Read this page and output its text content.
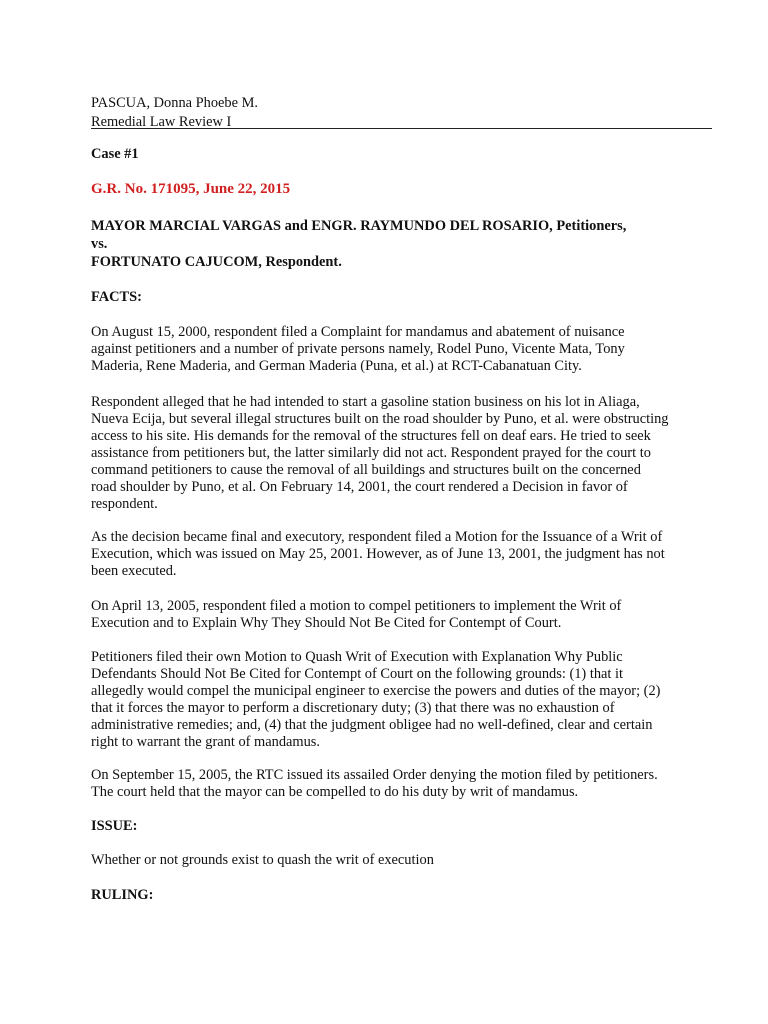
PASCUA, Donna Phoebe M.
Remedial Law Review I
Case #1
G.R. No. 171095, June 22, 2015
MAYOR MARCIAL VARGAS and ENGR. RAYMUNDO DEL ROSARIO, Petitioners,
vs.
FORTUNATO CAJUCOM, Respondent.
FACTS:
On August 15, 2000, respondent filed a Complaint for mandamus and abatement of nuisance
against petitioners and a number of private persons namely, Rodel Puno, Vicente Mata, Tony
Maderia, Rene Maderia, and German Maderia (Puna, et al.) at RCT-Cabanatuan City.
Respondent alleged that he had intended to start a gasoline station business on his lot in Aliaga,
Nueva Ecija, but several illegal structures built on the road shoulder by Puno, et al. were obstructing
access to his site. His demands for the removal of the structures fell on deaf ears. He tried to seek
assistance from petitioners but, the latter similarly did not act. Respondent prayed for the court to
command petitioners to cause the removal of all buildings and structures built on the concerned
road shoulder by Puno, et al. On February 14, 2001, the court rendered a Decision in favor of
respondent.
As the decision became final and executory, respondent filed a Motion for the Issuance of a Writ of
Execution, which was issued on May 25, 2001. However, as of June 13, 2001, the judgment has not
been executed.
On April 13, 2005, respondent filed a motion to compel petitioners to implement the Writ of
Execution and to Explain Why They Should Not Be Cited for Contempt of Court.
Petitioners filed their own Motion to Quash Writ of Execution with Explanation Why Public
Defendants Should Not Be Cited for Contempt of Court on the following grounds: (1) that it
allegedly would compel the municipal engineer to exercise the powers and duties of the mayor; (2)
that it forces the mayor to perform a discretionary duty; (3) that there was no exhaustion of
administrative remedies; and, (4) that the judgment obligee had no well-defined, clear and certain
right to warrant the grant of mandamus.
On September 15, 2005, the RTC issued its assailed Order denying the motion filed by petitioners.
The court held that the mayor can be compelled to do his duty by writ of mandamus.
ISSUE:
Whether or not grounds exist to quash the writ of execution
RULING:
